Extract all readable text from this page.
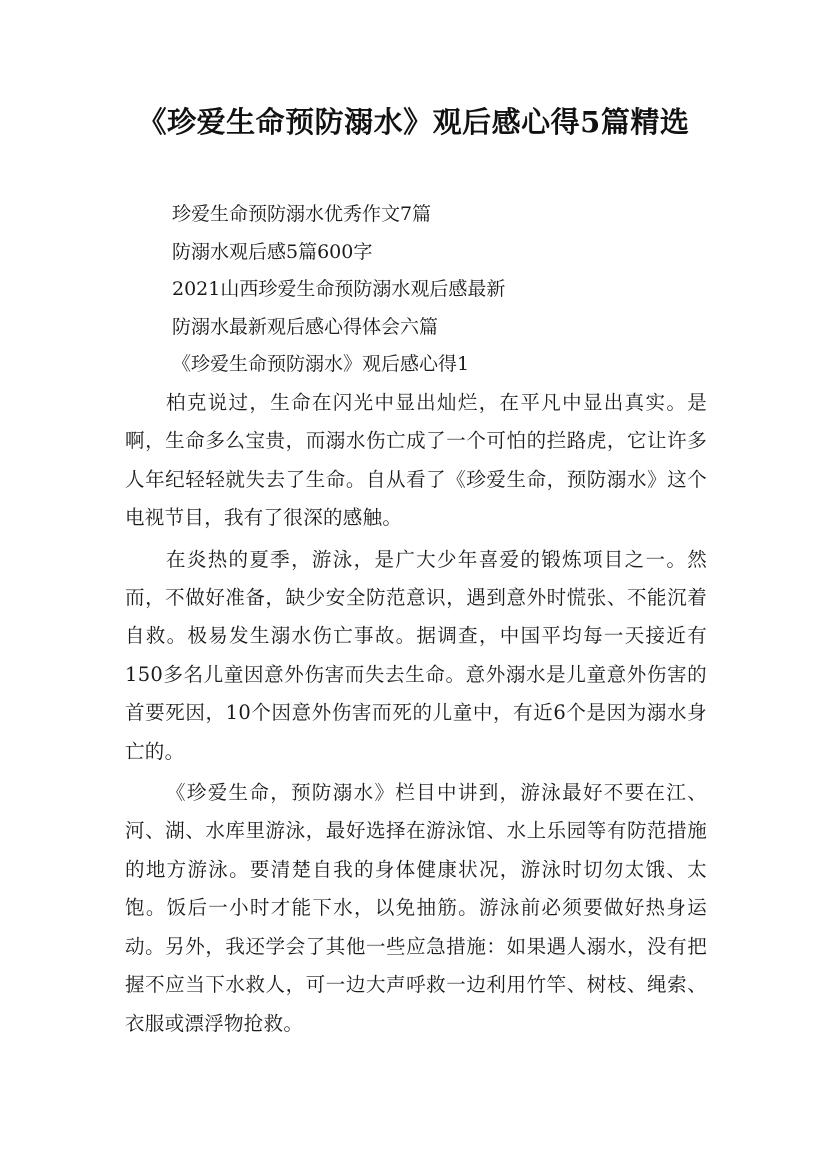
《珍爱生命预防溺水》观后感心得5篇精选
珍爱生命预防溺水优秀作文7篇
防溺水观后感5篇600字
2021山西珍爱生命预防溺水观后感最新
防溺水最新观后感心得体会六篇
《珍爱生命预防溺水》观后感心得1

柏克说过，生命在闪光中显出灿烂，在平凡中显出真实。是啊，生命多么宝贵，而溺水伤亡成了一个可怕的拦路虎，它让许多人年纪轻轻就失去了生命。自从看了《珍爱生命，预防溺水》这个电视节目，我有了很深的感触。

在炎热的夏季，游泳，是广大少年喜爱的锻炼项目之一。然而，不做好准备，缺少安全防范意识，遇到意外时慌张、不能沉着自救。极易发生溺水伤亡事故。据调查，中国平均每一天接近有150多名儿童因意外伤害而失去生命。意外溺水是儿童意外伤害的首要死因，10个因意外伤害而死的儿童中，有近6个是因为溺水身亡的。

《珍爱生命，预防溺水》栏目中讲到，游泳最好不要在江、河、湖、水库里游泳，最好选择在游泳馆、水上乐园等有防范措施的地方游泳。要清楚自我的身体健康状况，游泳时切勿太饿、太饱。饭后一小时才能下水，以免抽筋。游泳前必须要做好热身运动。另外，我还学会了其他一些应急措施：如果遇人溺水，没有把握不应当下水救人，可一边大声呼救一边利用竹竿、树枝、绳索、衣服或漂浮物抢救。
